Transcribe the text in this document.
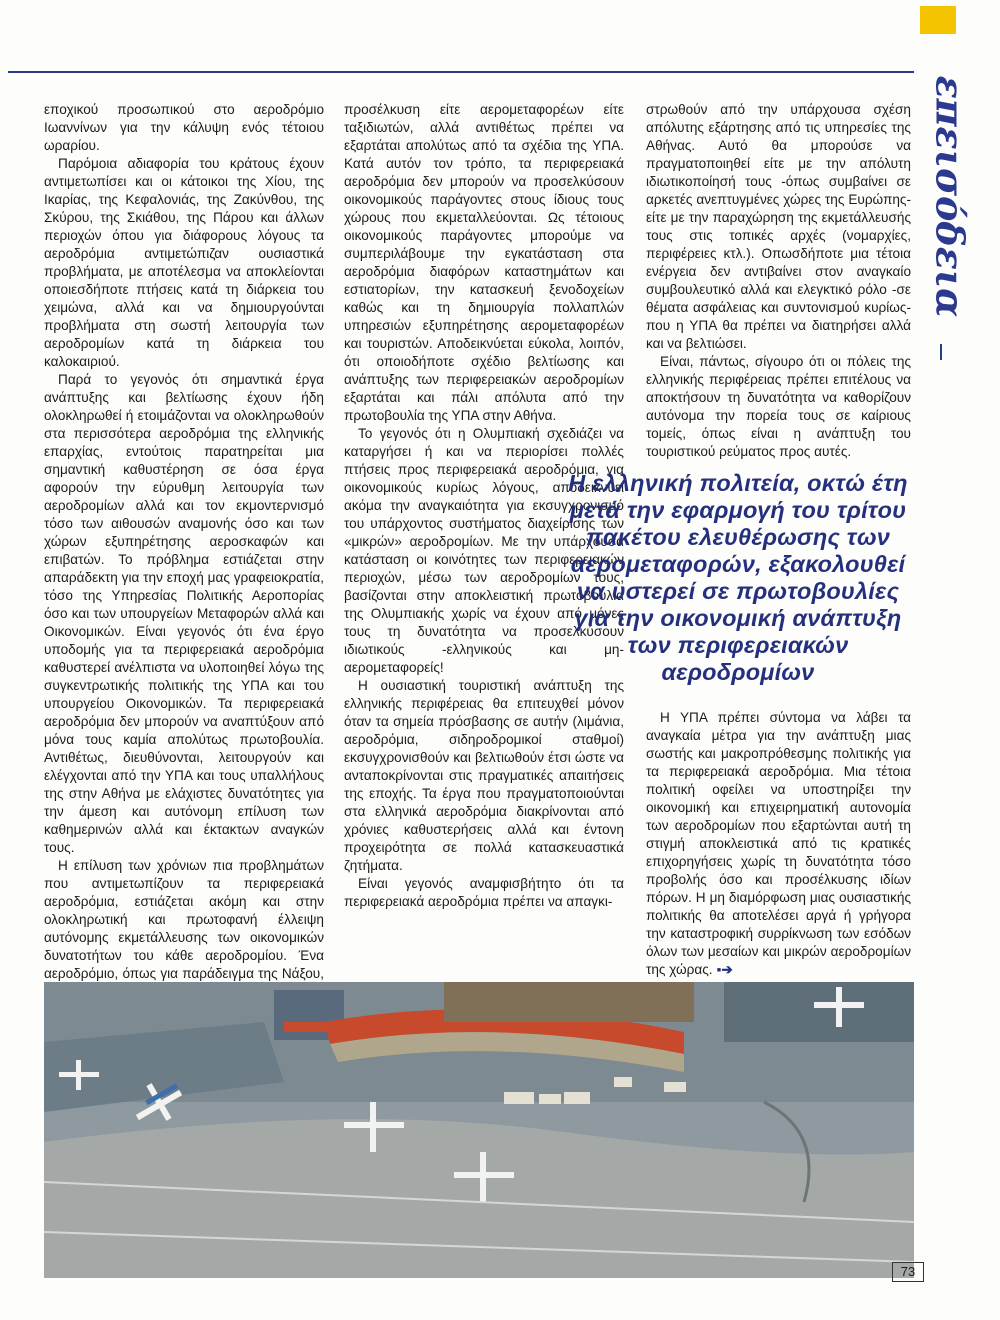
επεισόδεια

εποχικού προσωπικού στο αεροδρόμιο Ιωαννίνων για την κάλυψη ενός τέτοιου ωραρίου.

Παρόμοια αδιαφορία του κράτους έχουν αντιμετωπίσει και οι κάτοικοι της Χίου, της Ικαρίας, της Κεφαλονιάς, της Ζακύνθου, της Σκύρου, της Σκιάθου, της Πάρου και άλλων περιοχών όπου για διάφορους λόγους τα αεροδρόμια αντιμετώπιζαν ουσιαστικά προβλήματα, με αποτέλεσμα να αποκλείονται οποιεσδήποτε πτήσεις κατά τη διάρκεια του χειμώνα, αλλά και να δημιουργούνται προβλήματα στη σωστή λειτουργία των αεροδρομίων κατά τη διάρκεια του καλοκαιριού.

Παρά το γεγονός ότι σημαντικά έργα ανάπτυξης και βελτίωσης έχουν ήδη ολοκληρωθεί ή ετοιμάζονται να ολοκληρωθούν στα περισσότερα αεροδρόμια της ελληνικής επαρχίας, εντούτοις παρατηρείται μια σημαντική καθυστέρηση σε όσα έργα αφορούν την εύρυθμη λειτουργία των αεροδρομίων αλλά και τον εκμοντερνισμό τόσο των αιθουσών αναμονής όσο και των χώρων εξυπηρέτησης αεροσκαφών και επιβατών. Το πρόβλημα εστιάζεται στην απαράδεκτη για την εποχή μας γραφειοκρατία, τόσο της Υπηρεσίας Πολιτικής Αεροπορίας όσο και των υπουργείων Μεταφορών αλλά και Οικονομικών. Είναι γεγονός ότι ένα έργο υποδομής για τα περιφερειακά αεροδρόμια καθυστερεί ανέλπιστα να υλοποιηθεί λόγω της συγκεντρωτικής πολιτικής της ΥΠΑ και του υπουργείου Οικονομικών. Τα περιφερειακά αεροδρόμια δεν μπορούν να αναπτύξουν από μόνα τους καμία απολύτως πρωτοβουλία. Αντιθέτως, διευθύνονται, λειτουργούν και ελέγχονται από την ΥΠΑ και τους υπαλλήλους της στην Αθήνα με ελάχιστες δυνατότητες για την άμεση και αυτόνομη επίλυση των καθημερινών αλλά και έκτακτων αναγκών τους.

Η επίλυση των χρόνιων πια προβλημάτων που αντιμετωπίζουν τα περιφερειακά αεροδρόμια, εστιάζεται ακόμη και στην ολοκληρωτική και πρωτοφανή έλλειψη αυτόνομης εκμετάλλευσης των οικονομικών δυνατοτήτων του κάθε αεροδρομίου. Ένα αεροδρόμιο, όπως για παράδειγμα της Νάξου,

προσέλκυση είτε αερομεταφορέων είτε ταξιδιωτών, αλλά αντιθέτως πρέπει να εξαρτάται απολύτως από τα σχέδια της ΥΠΑ. Κατά αυτόν τον τρόπο, τα περιφερειακά αεροδρόμια δεν μπορούν να προσελκύσουν οικονομικούς παράγοντες στους ίδιους τους χώρους που εκμεταλλεύονται. Ως τέτοιους οικονομικούς παράγοντες μπορούμε να συμπεριλάβουμε την εγκατάσταση στα αεροδρόμια διαφόρων καταστημάτων και εστιατορίων, την κατασκευή ξενοδοχείων καθώς και τη δημιουργία πολλαπλών υπηρεσιών εξυπηρέτησης αερομεταφορέων και τουριστών. Αποδεικνύεται εύκολα, λοιπόν, ότι οποιοδήποτε σχέδιο βελτίωσης και ανάπτυξης των περιφερειακών αεροδρομίων εξαρτάται και πάλι απόλυτα από την πρωτοβουλία της ΥΠΑ στην Αθήνα.

Το γεγονός ότι η Ολυμπιακή σχεδιάζει να καταργήσει ή και να περιορίσει πολλές πτήσεις προς περιφερειακά αεροδρόμια, για οικονομικούς κυρίως λόγους, αποδεικνύει ακόμα την αναγκαιότητα για εκσυγχρονισμό του υπάρχοντος συστήματος διαχείρισης των «μικρών» αεροδρομίων. Με την υπάρχουσα κατάσταση οι κοινότητες των περιφερειακών περιοχών, μέσω των αεροδρομίων τους, βασίζονται στην αποκλειστική πρωτοβουλία της Ολυμπιακής χωρίς να έχουν από μόνες τους τη δυνατότητα να προσελκύσουν ιδιωτικούς -ελληνικούς και μη- αερομεταφορείς!

Η ουσιαστική τουριστική ανάπτυξη της ελληνικής περιφέρειας θα επιτευχθεί μόνον όταν τα σημεία πρόσβασης σε αυτήν (λιμάνια, αεροδρόμια, σιδηροδρομικοί σταθμοί) εκσυγχρονισθούν και βελτιωθούν έτσι ώστε να ανταποκρίνονται στις πραγματικές απαιτήσεις της εποχής. Τα έργα που πραγματοποιούνται στα ελληνικά αεροδρόμια διακρίνονται από χρόνιες καθυστερήσεις αλλά και έντονη προχειρότητα σε πολλά κατασκευαστικά ζητήματα.

Είναι γεγονός αναμφισβήτητο ότι τα περιφερειακά αεροδρόμια πρέπει να απαγκι-

στρωθούν από την υπάρχουσα σχέση απόλυτης εξάρτησης από τις υπηρεσίες της Αθήνας. Αυτό θα μπορούσε να πραγματοποιηθεί είτε με την απόλυτη ιδιωτικοποίησή τους -όπως συμβαίνει σε αρκετές ανεπτυγμένες χώρες της Ευρώπης- είτε με την παραχώρηση της εκμετάλλευσής τους στις τοπικές αρχές (νομαρχίες, περιφέρειες κτλ.). Οπωσδήποτε μια τέτοια ενέργεια δεν αντιβαίνει στον αναγκαίο συμβουλευτικό αλλά και ελεγκτικό ρόλο -σε θέματα ασφάλειας και συντονισμού κυρίως- που η ΥΠΑ θα πρέπει να διατηρήσει αλλά και να βελτιώσει.

Είναι, πάντως, σίγουρο ότι οι πόλεις της ελληνικής περιφέρειας πρέπει επιτέλους να αποκτήσουν τη δυνατότητα να καθορίζουν αυτόνομα την πορεία τους σε καίριους τομείς, όπως είναι η ανάπτυξη του τουριστικού ρεύματος προς αυτές.

Η ελληνική πολιτεία, οκτώ έτη μετά την εφαρμογή του τρίτου πακέτου ελευθέρωσης των αερομεταφορών, εξακολουθεί να υστερεί σε πρωτοβουλίες για την οικονομική ανάπτυξη των περιφερειακών αεροδρομίων

Η ΥΠΑ πρέπει σύντομα να λάβει τα αναγκαία μέτρα για την ανάπτυξη μιας σωστής και μακροπρόθεσμης πολιτικής για τα περιφερειακά αεροδρόμια. Μια τέτοια πολιτική οφείλει να υποστηρίξει την οικονομική και επιχειρηματική αυτονομία των αεροδρομίων που εξαρτώνται αυτή τη στιγμή αποκλειστικά από τις κρατικές επιχορηγήσεις χωρίς τη δυνατότητα τόσο προβολής όσο και προσέλκυσης ιδίων πόρων. Η μη διαμόρφωση μιας ουσιαστικής πολιτικής θα αποτελέσει αργά ή γρήγορα την καταστροφική συρρίκνωση των εσόδων όλων των μεσαίων και μικρών αεροδρομίων της χώρας. ▪➔

73
